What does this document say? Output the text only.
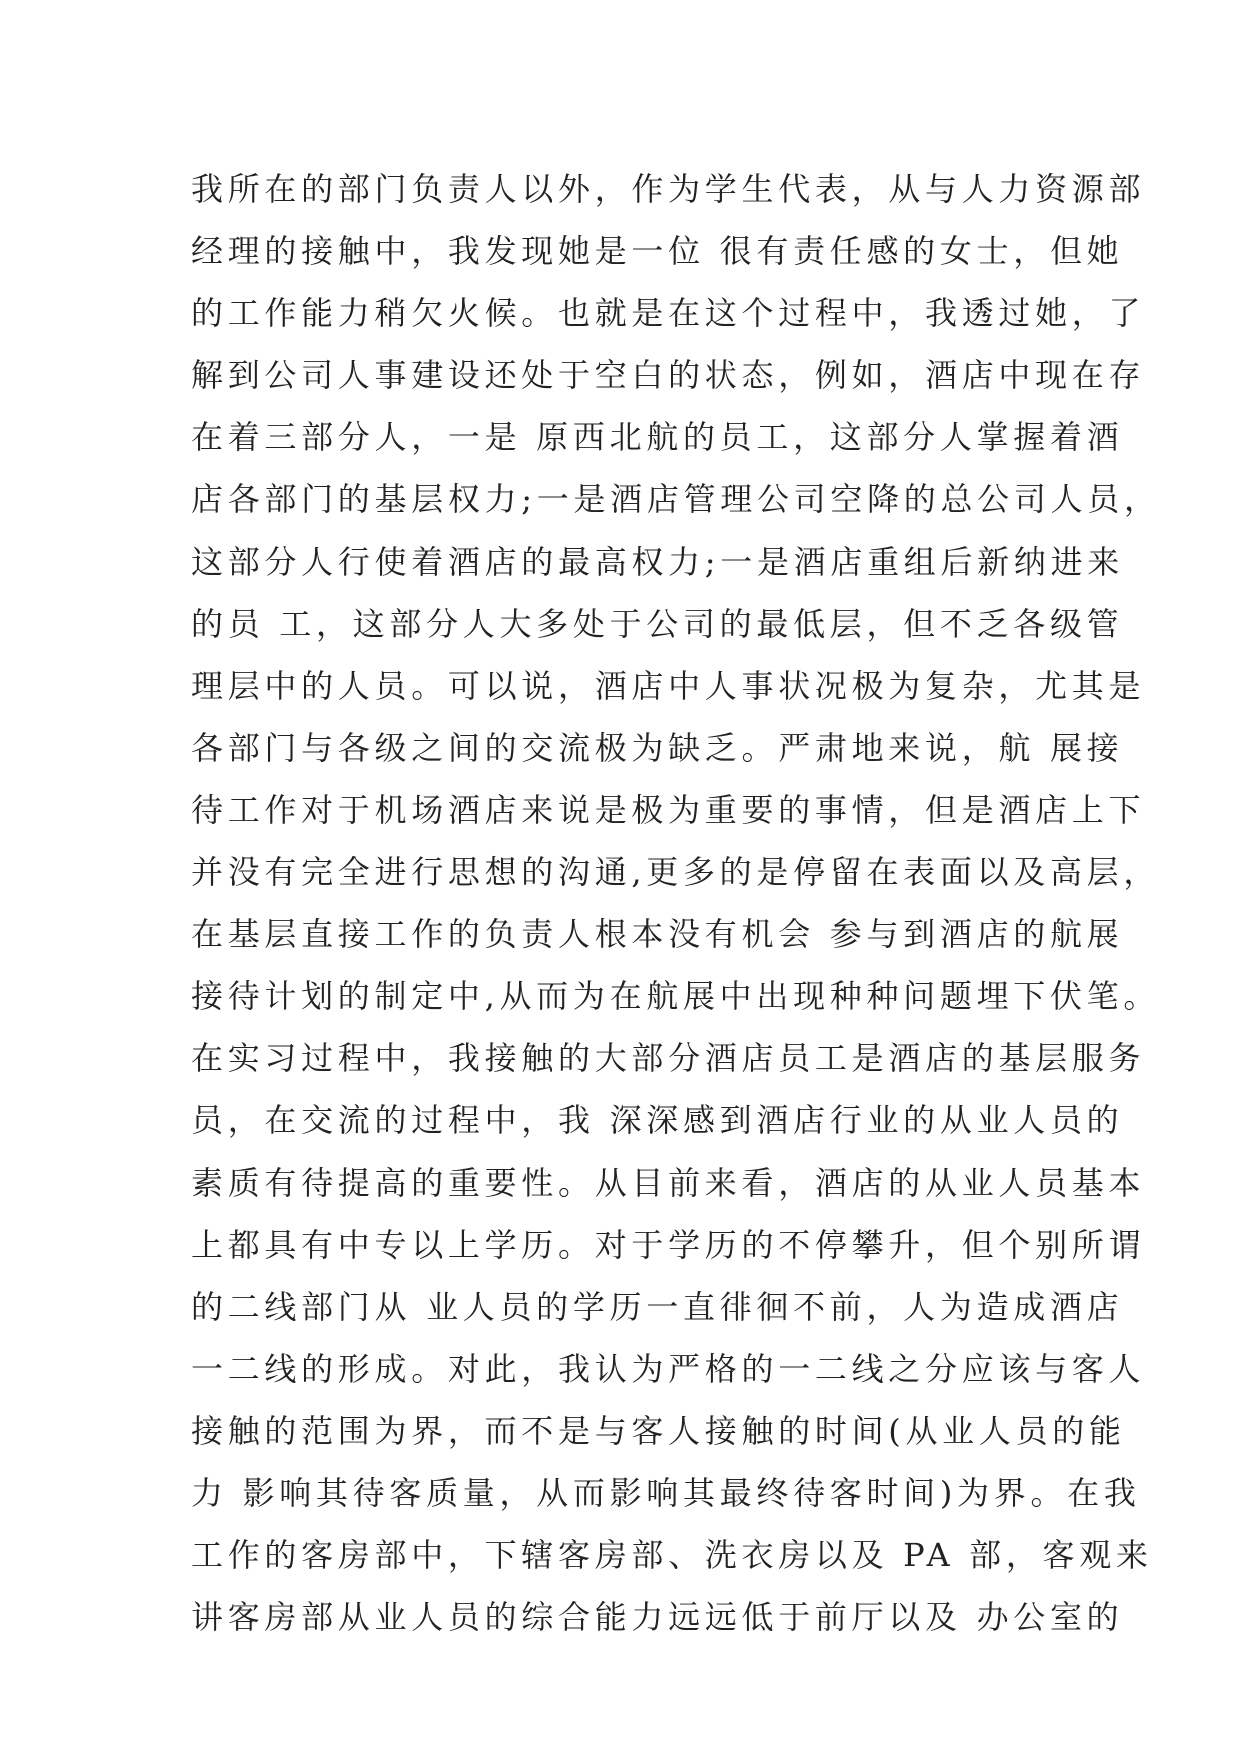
我所在的部门负责人以外，作为学生代表，从与人力资源部
经理的接触中，我发现她是一位 很有责任感的女士，但她
的工作能力稍欠火候。也就是在这个过程中，我透过她，了
解到公司人事建设还处于空白的状态，例如，酒店中现在存
在着三部分人，一是 原西北航的员工，这部分人掌握着酒
店各部门的基层权力;一是酒店管理公司空降的总公司人员，
这部分人行使着酒店的最高权力;一是酒店重组后新纳进来
的员 工，这部分人大多处于公司的最低层，但不乏各级管
理层中的人员。可以说，酒店中人事状况极为复杂，尤其是
各部门与各级之间的交流极为缺乏。严肃地来说，航 展接
待工作对于机场酒店来说是极为重要的事情，但是酒店上下
并没有完全进行思想的沟通,更多的是停留在表面以及高层，
在基层直接工作的负责人根本没有机会 参与到酒店的航展
接待计划的制定中,从而为在航展中出现种种问题埋下伏笔。
在实习过程中，我接触的大部分酒店员工是酒店的基层服务
员，在交流的过程中，我 深深感到酒店行业的从业人员的
素质有待提高的重要性。从目前来看，酒店的从业人员基本
上都具有中专以上学历。对于学历的不停攀升，但个别所谓
的二线部门从 业人员的学历一直徘徊不前，人为造成酒店
一二线的形成。对此，我认为严格的一二线之分应该与客人
接触的范围为界，而不是与客人接触的时间(从业人员的能
力 影响其待客质量，从而影响其最终待客时间)为界。在我
工作的客房部中，下辖客房部、洗衣房以及 PA 部，客观来
讲客房部从业人员的综合能力远远低于前厅以及 办公室的
